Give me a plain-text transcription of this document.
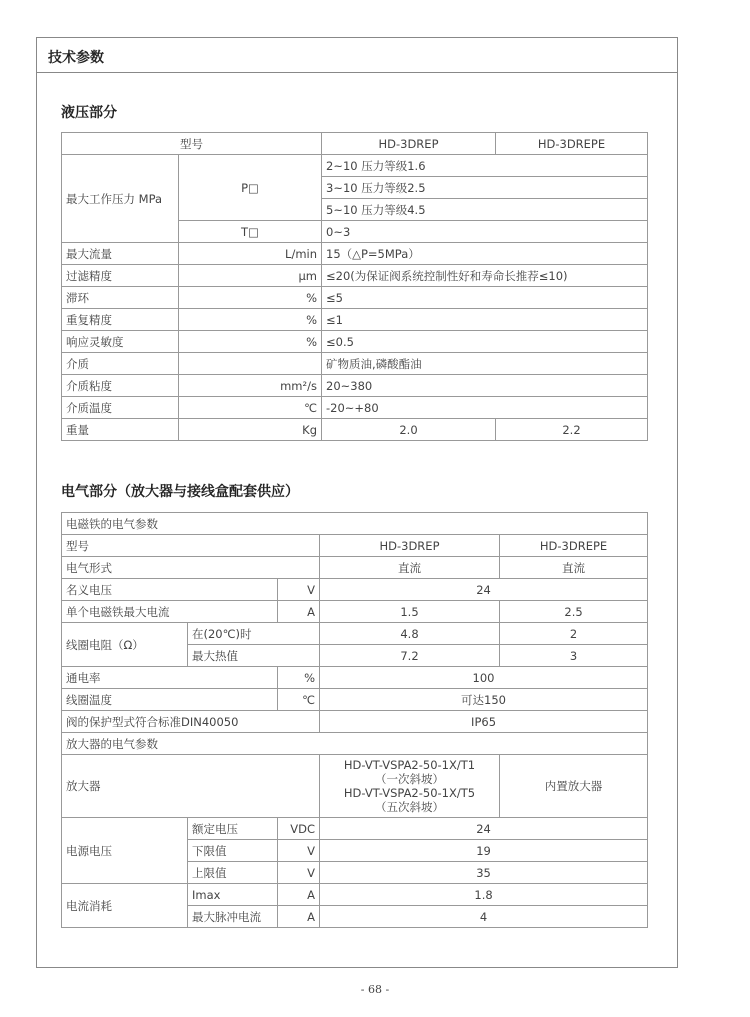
技术参数
液压部分
型号		HD-3DREP	HD-3DREPE
最大工作压力 MPa	P□	2~10 压力等级1.6	
		3~10 压力等级2.5	
		5~10 压力等级4.5	
	T□	0~3	
最大流量	L/min	15（△P=5MPa）	
过滤精度	μm	≤20(为保证阀系统控制性好和寿命长推荐≤10)	
滞环	%	≤5	
重复精度	%	≤1	
响应灵敏度	%	≤0.5	
介质		矿物质油,磷酸酯油	
介质粘度	mm²/s	20~380	
介质温度	℃	-20~+80	
重量	Kg	2.0	2.2
电气部分（放大器与接线盒配套供应）
电磁铁的电气参数				
型号			HD-3DREP	HD-3DREPE
电气形式			直流	直流
名义电压		V	24	
单个电磁铁最大电流		A	1.5	2.5
线圈电阻（Ω）	在(20℃)时		4.8	2
	最大热值		7.2	3
通电率		%	100	
线圈温度		℃	可达150	
阀的保护型式符合标准DIN40050			IP65	
放大器的电气参数				
放大器			HD-VT-VSPA2-50-1X/T1
（一次斜坡）
HD-VT-VSPA2-50-1X/T5
（五次斜坡）	内置放大器
电源电压	额定电压	VDC	24	
	下限值	V	19	
	上限值	V	35	
电流消耗	Imax	A	1.8	
	最大脉冲电流	A	4	
- 68 -
